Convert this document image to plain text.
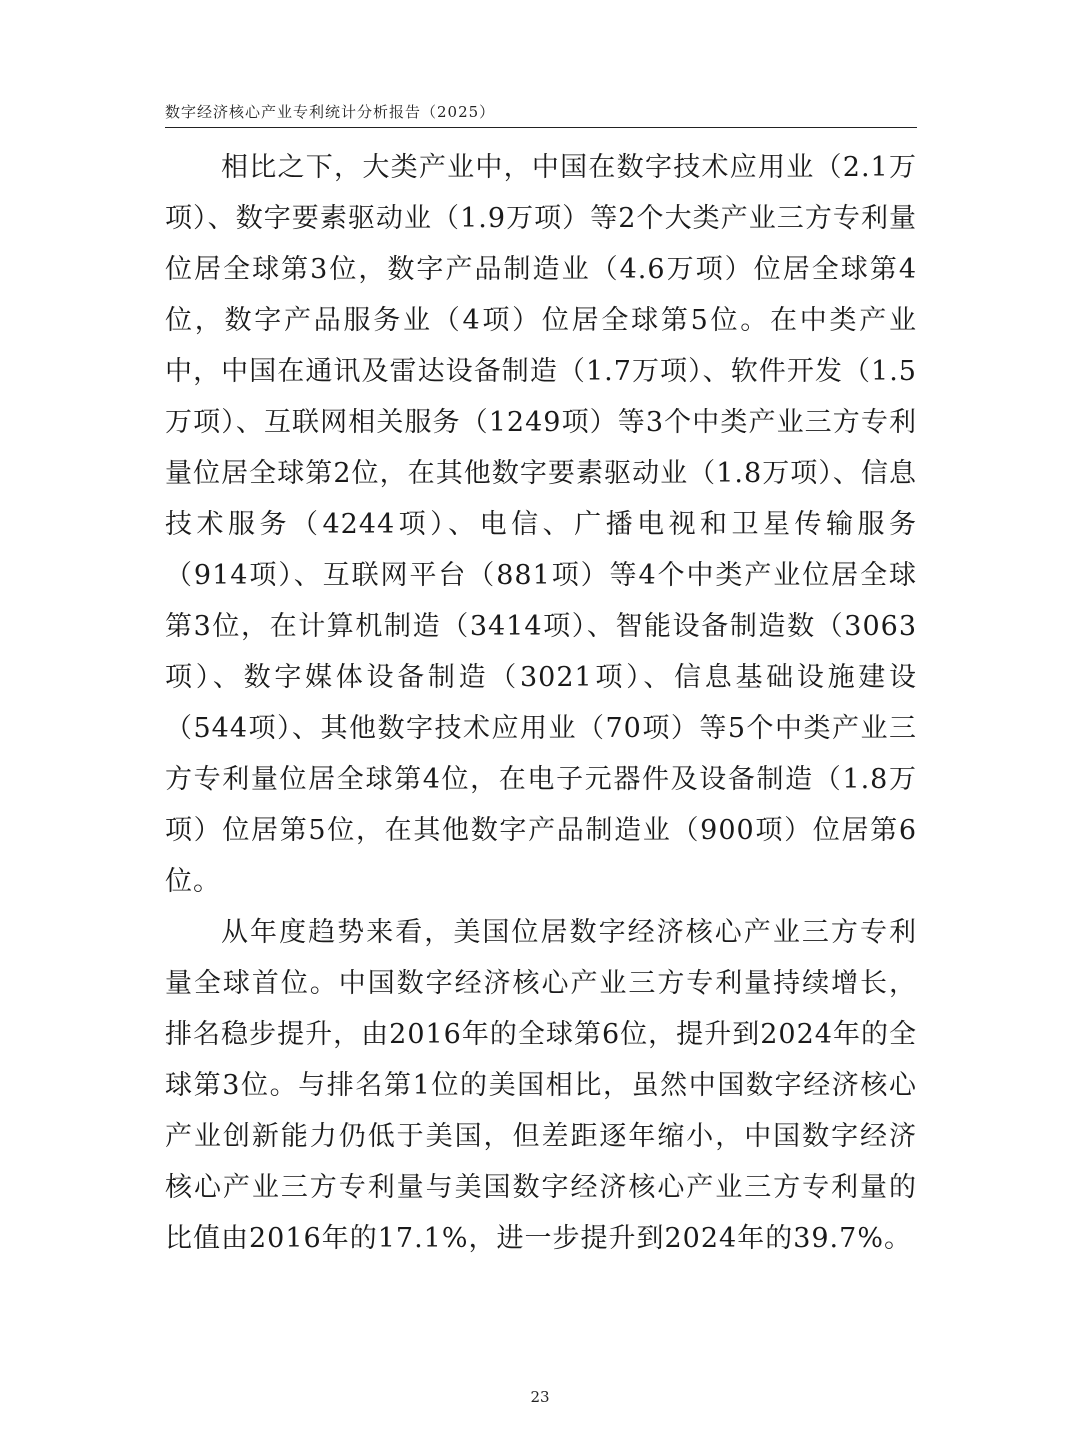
数字经济核心产业专利统计分析报告（2025）

相比之下，大类产业中，中国在数字技术应用业（2.1万项）、数字要素驱动业（1.9万项）等2个大类产业三方专利量位居全球第3位，数字产品制造业（4.6万项）位居全球第4位，数字产品服务业（4项）位居全球第5位。在中类产业中，中国在通讯及雷达设备制造（1.7万项）、软件开发（1.5万项）、互联网相关服务（1249项）等3个中类产业三方专利量位居全球第2位，在其他数字要素驱动业（1.8万项）、信息技术服务（4244项）、电信、广播电视和卫星传输服务（914项）、互联网平台（881项）等4个中类产业位居全球第3位，在计算机制造（3414项）、智能设备制造数（3063项）、数字媒体设备制造（3021项）、信息基础设施建设（544项）、其他数字技术应用业（70项）等5个中类产业三方专利量位居全球第4位，在电子元器件及设备制造（1.8万项）位居第5位，在其他数字产品制造业（900项）位居第6位。

从年度趋势来看，美国位居数字经济核心产业三方专利量全球首位。中国数字经济核心产业三方专利量持续增长，排名稳步提升，由2016年的全球第6位，提升到2024年的全球第3位。与排名第1位的美国相比，虽然中国数字经济核心产业创新能力仍低于美国，但差距逐年缩小，中国数字经济核心产业三方专利量与美国数字经济核心产业三方专利量的比值由2016年的17.1%，进一步提升到2024年的39.7%。

23
